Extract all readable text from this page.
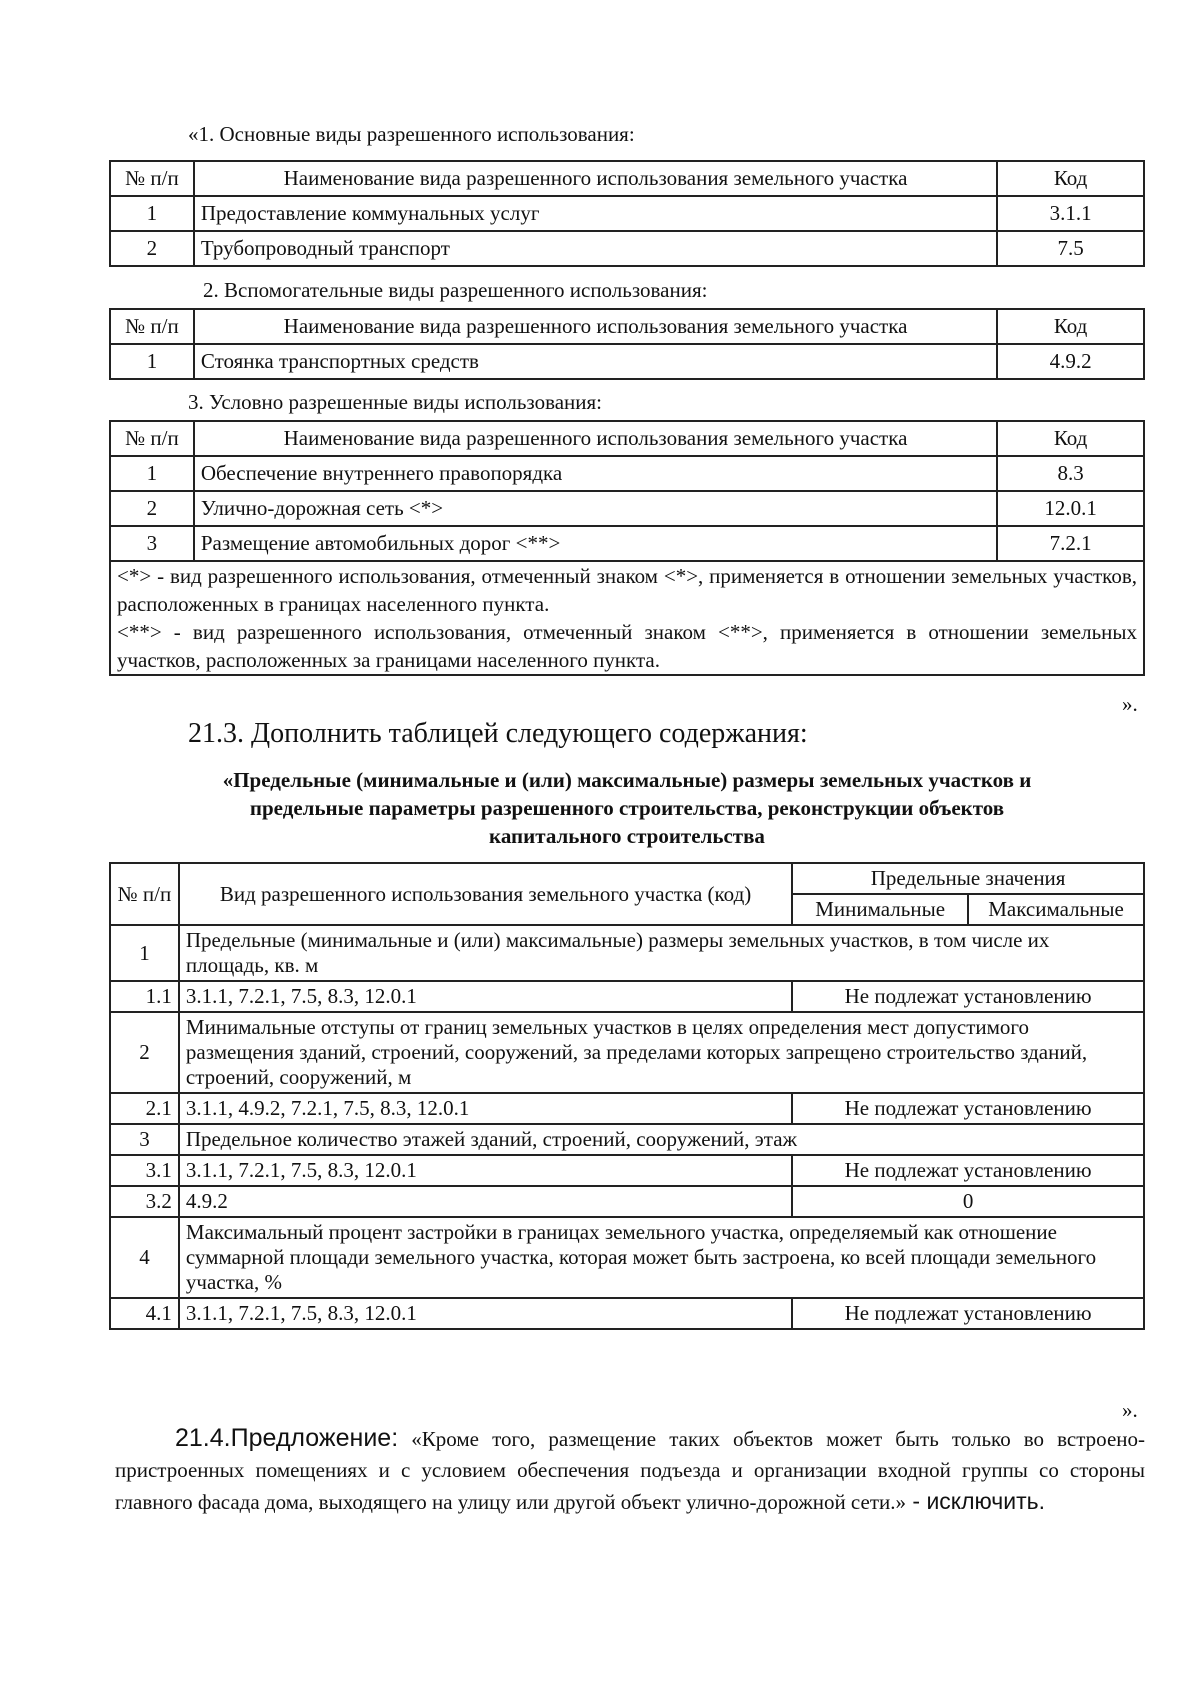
«1. Основные виды разрешенного использования:
№ п/п	Наименование вида разрешенного использования земельного участка	Код
1	Предоставление коммунальных услуг	3.1.1
2	Трубопроводный транспорт	7.5
2. Вспомогательные виды разрешенного использования:
№ п/п	Наименование вида разрешенного использования земельного участка	Код
1	Стоянка транспортных средств	4.9.2
3. Условно разрешенные виды использования:
№ п/п	Наименование вида разрешенного использования земельного участка	Код
1	Обеспечение внутреннего правопорядка	8.3
2	Улично-дорожная сеть <*>	12.0.1
3	Размещение автомобильных дорог <**>	7.2.1

<*> - вид разрешенного использования, отмеченный знаком <*>, применяется в отношении земельных участков, расположенных в границах населенного пункта.
<**> - вид разрешенного использования, отмеченный знаком <**>, применяется в отношении земельных участков, расположенных за границами населенного пункта.		
».
21.3. Дополнить таблицей следующего содержания:
«Предельные (минимальные и (или) максимальные) размеры земельных участков и
предельные параметры разрешенного строительства, реконструкции объектов
капитального строительства
№ п/п	Вид разрешенного использования земельного участка (код)	Предельные значения	
		Минимальные	Максимальные
1	Предельные (минимальные и (или) максимальные) размеры земельных участков, в том числе их площадь, кв. м		
1.1	3.1.1, 7.2.1, 7.5, 8.3, 12.0.1	Не подлежат установлению	
2	Минимальные отступы от границ земельных участков в целях определения мест допустимого размещения зданий, строений, сооружений, за пределами которых запрещено строительство зданий, строений, сооружений, м		
2.1	3.1.1, 4.9.2, 7.2.1, 7.5, 8.3, 12.0.1	Не подлежат установлению	
3	Предельное количество этажей зданий, строений, сооружений, этаж		
3.1	3.1.1, 7.2.1, 7.5, 8.3, 12.0.1	Не подлежат установлению	
3.2	4.9.2	0	
4	Максимальный процент застройки в границах земельного участка, определяемый как отношение суммарной площади земельного участка, которая может быть застроена, ко всей площади земельного участка, %		
4.1	3.1.1, 7.2.1, 7.5, 8.3, 12.0.1	Не подлежат установлению	
».
21.4.Предложение: «Кроме того, размещение таких объектов может быть только во встроено-пристроенных помещениях и с условием обеспечения подъезда и организации входной группы со стороны главного фасада дома, выходящего на улицу или другой объект улично-дорожной сети.» - исключить.
